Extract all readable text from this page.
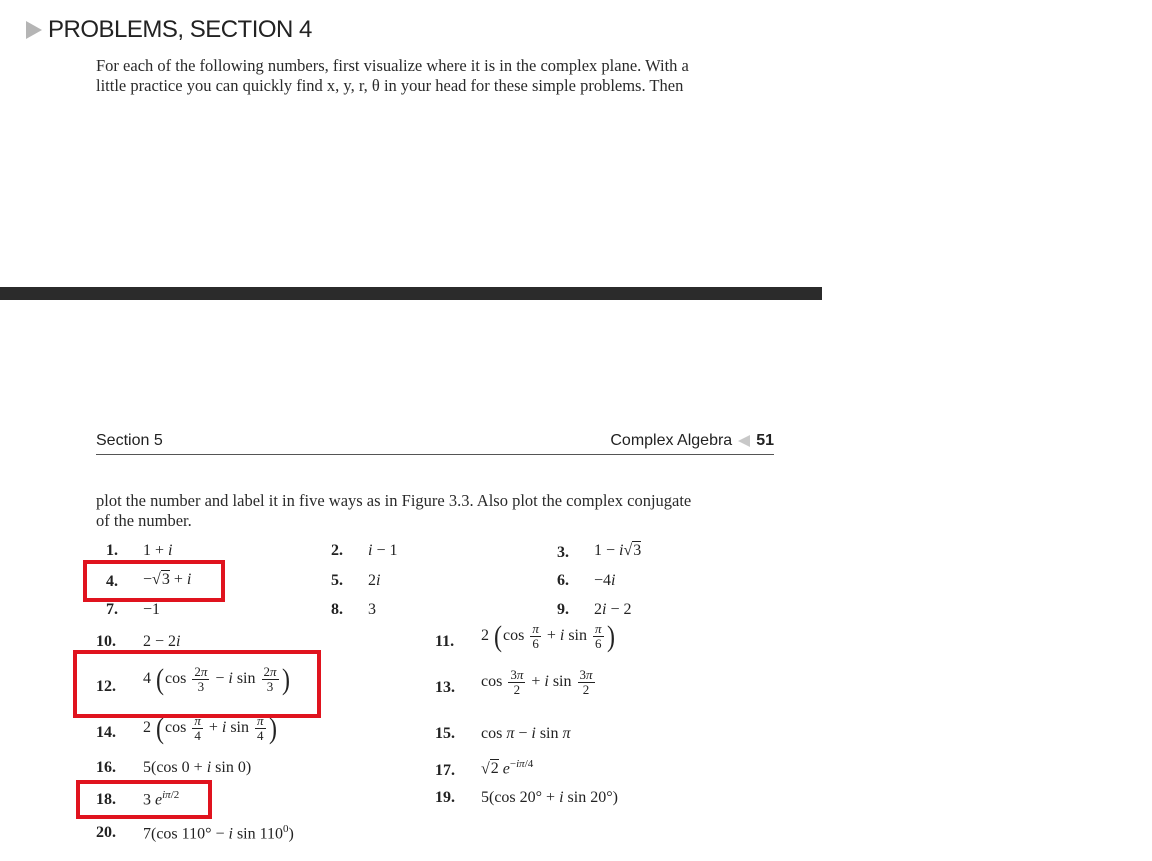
PROBLEMS, SECTION 4
For each of the following numbers, first visualize where it is in the complex plane. With a
little practice you can quickly find x, y, r, θ in your head for these simple problems. Then
Section 5	Complex Algebra 51
plot the number and label it in five ways as in Figure 3.3. Also plot the complex conjugate
of the number.
1. 1 + i	2. i − 1	3. 1 − i√3
4. −√3 + i	5. 2i	6. −4i
7. −1	8. 3	9. 2i − 2
10. 2 − 2i	11. 2 ($\cos \frac{\pi}{6} + i$ $\sin \frac{\pi}{6}$ )
12. 4 ($\cos \frac{2\pi}{3} - i$ $\sin \frac{2\pi}{3}$ )	13. $\cos \frac{3\pi}{2} + i$ $\sin \frac{3\pi}{2}$
14. 2 ($\cos \frac{\pi}{4} + i$ $\sin \frac{\pi}{4}$ )	15. cos π − i sin π
16. 5(cos 0 + i sin 0)	17. √2 $e^{-i\pi/4}$
18. 3 $e^{i\pi/2}$	19. 5(cos 20° + i sin 20°)
20. 7(cos 110° − i $\sin 110^0$)
